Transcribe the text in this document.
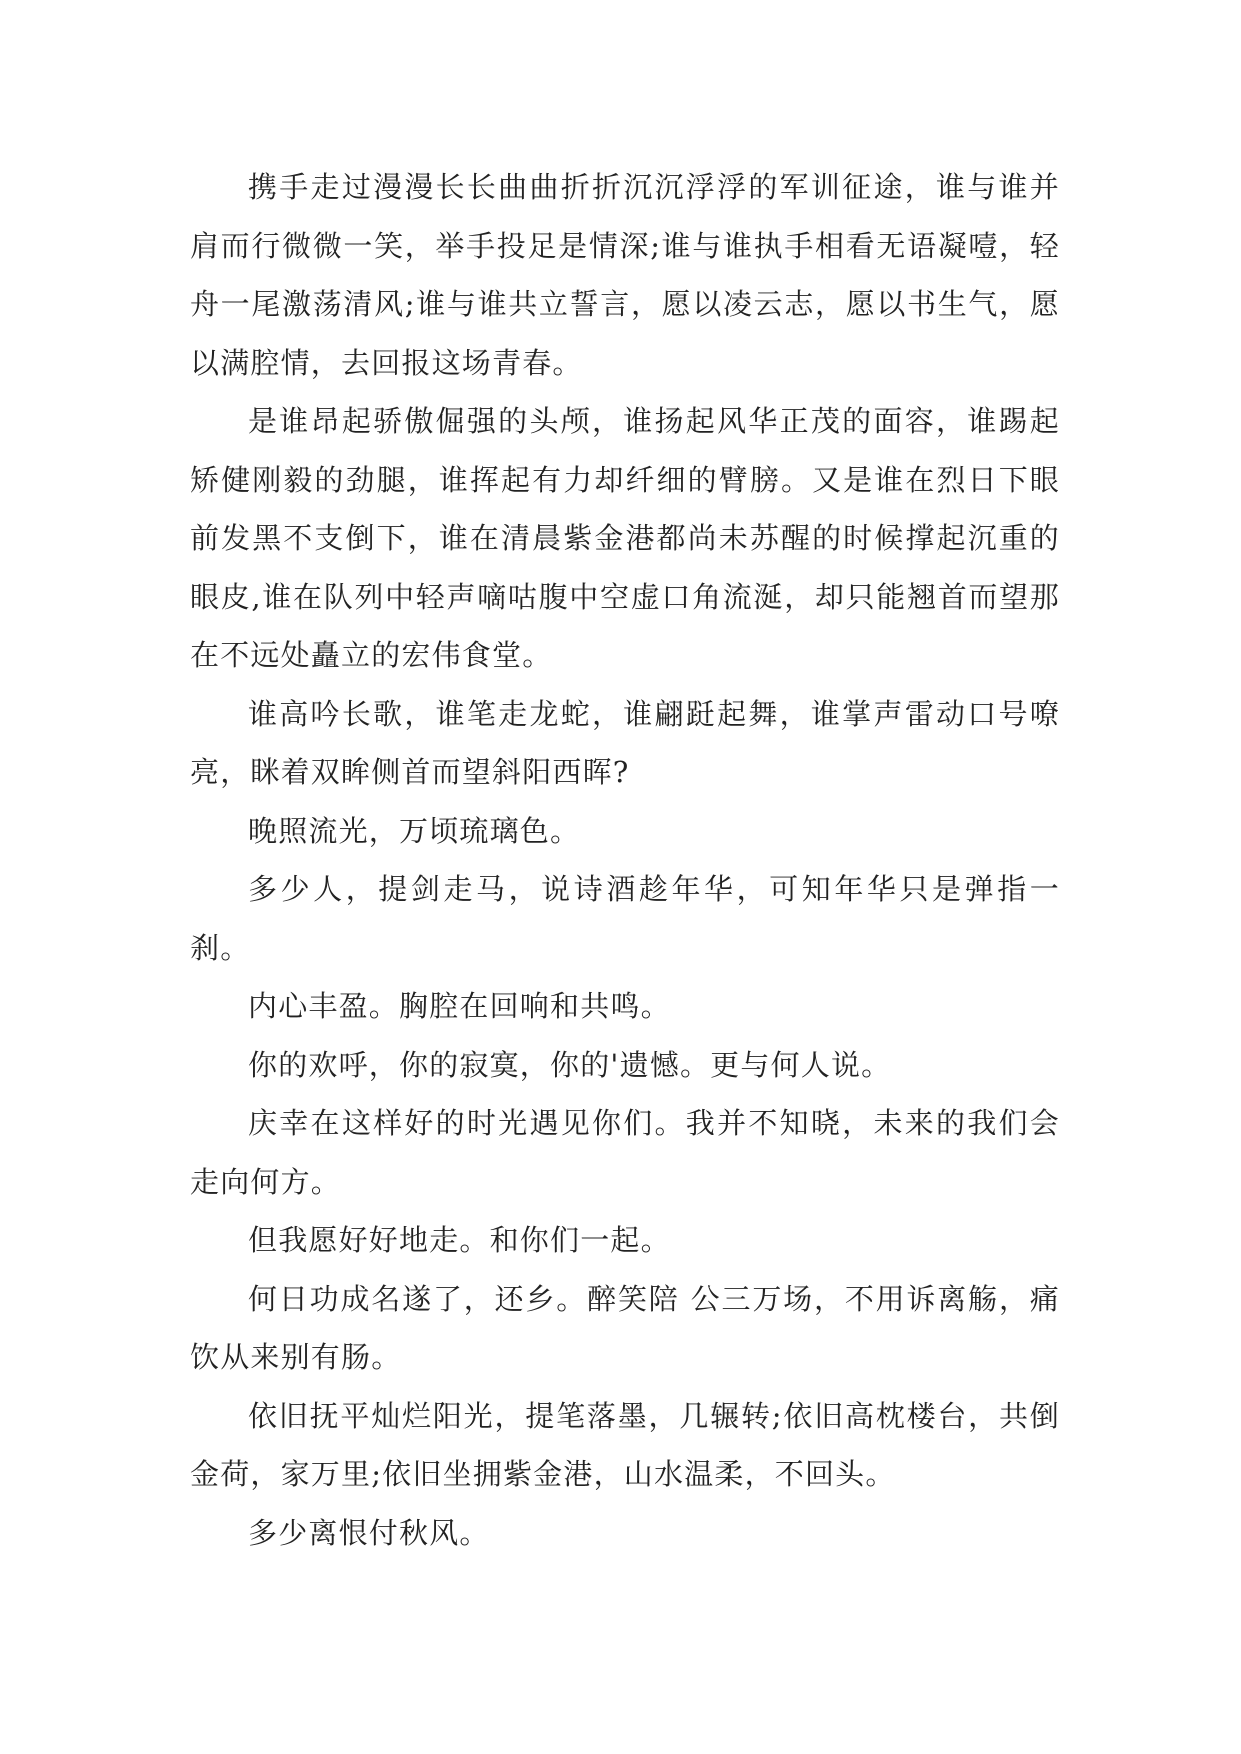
携手走过漫漫长长曲曲折折沉沉浮浮的军训征途，谁与谁并肩而行微微一笑，举手投足是情深;谁与谁执手相看无语凝噎，轻舟一尾激荡清风;谁与谁共立誓言，愿以凌云志，愿以书生气，愿以满腔情，去回报这场青春。

是谁昂起骄傲倔强的头颅，谁扬起风华正茂的面容，谁踢起矫健刚毅的劲腿，谁挥起有力却纤细的臂膀。又是谁在烈日下眼前发黑不支倒下，谁在清晨紫金港都尚未苏醒的时候撑起沉重的眼皮,谁在队列中轻声嘀咕腹中空虚口角流涎，却只能翘首而望那在不远处矗立的宏伟食堂。

谁高吟长歌，谁笔走龙蛇，谁翩跹起舞，谁掌声雷动口号嘹亮，眯着双眸侧首而望斜阳西晖?

晚照流光，万顷琉璃色。

多少人，提剑走马，说诗酒趁年华，可知年华只是弹指一刹。

内心丰盈。胸腔在回响和共鸣。

你的欢呼，你的寂寞，你的'遗憾。更与何人说。

庆幸在这样好的时光遇见你们。我并不知晓，未来的我们会走向何方。

但我愿好好地走。和你们一起。

何日功成名遂了，还乡。醉笑陪 公三万场，不用诉离觞，痛饮从来别有肠。

依旧抚平灿烂阳光，提笔落墨，几辗转;依旧高枕楼台，共倒金荷，家万里;依旧坐拥紫金港，山水温柔，不回头。

多少离恨付秋风。
